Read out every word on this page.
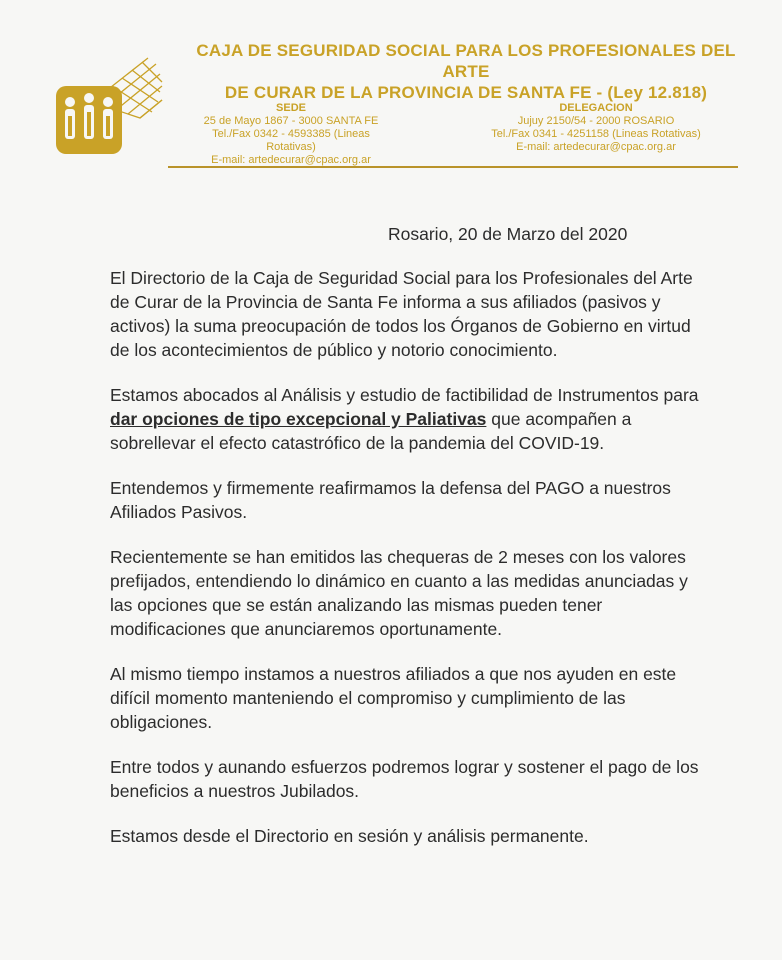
CAJA DE SEGURIDAD SOCIAL PARA LOS PROFESIONALES DEL ARTE
DE CURAR DE LA PROVINCIA DE SANTA FE - (Ley 12.818)
SEDE
25 de Mayo 1867 - 3000 SANTA FE
Tel./Fax 0342 - 4593385 (Lineas Rotativas)
E-mail: artedecurar@cpac.org.ar
DELEGACION
Jujuy 2150/54 - 2000 ROSARIO
Tel./Fax 0341 - 4251158 (Lineas Rotativas)
E-mail: artedecurar@cpac.org.ar
Rosario, 20 de Marzo del 2020

El Directorio de la Caja de Seguridad Social para los Profesionales del Arte de Curar de la Provincia de Santa Fe informa a sus afiliados (pasivos y activos) la suma preocupación de todos los Órganos de Gobierno en virtud de los acontecimientos de público y notorio conocimiento.

Estamos abocados al Análisis y estudio de factibilidad de Instrumentos para dar opciones de tipo excepcional y Paliativas que acompañen a sobrellevar el efecto catastrófico de la pandemia del COVID-19.

Entendemos y firmemente reafirmamos la defensa del PAGO a nuestros Afiliados Pasivos.

Recientemente se han emitidos las chequeras de 2 meses con los valores prefijados, entendiendo lo dinámico en cuanto a las medidas anunciadas y las opciones que se están analizando las mismas pueden tener modificaciones que anunciaremos oportunamente.

Al mismo tiempo instamos a nuestros afiliados a que nos ayuden en este difícil momento manteniendo el compromiso y cumplimiento de las obligaciones.

Entre todos y aunando esfuerzos podremos lograr y sostener el pago de los beneficios a nuestros Jubilados.

Estamos desde el Directorio en sesión y análisis permanente.
